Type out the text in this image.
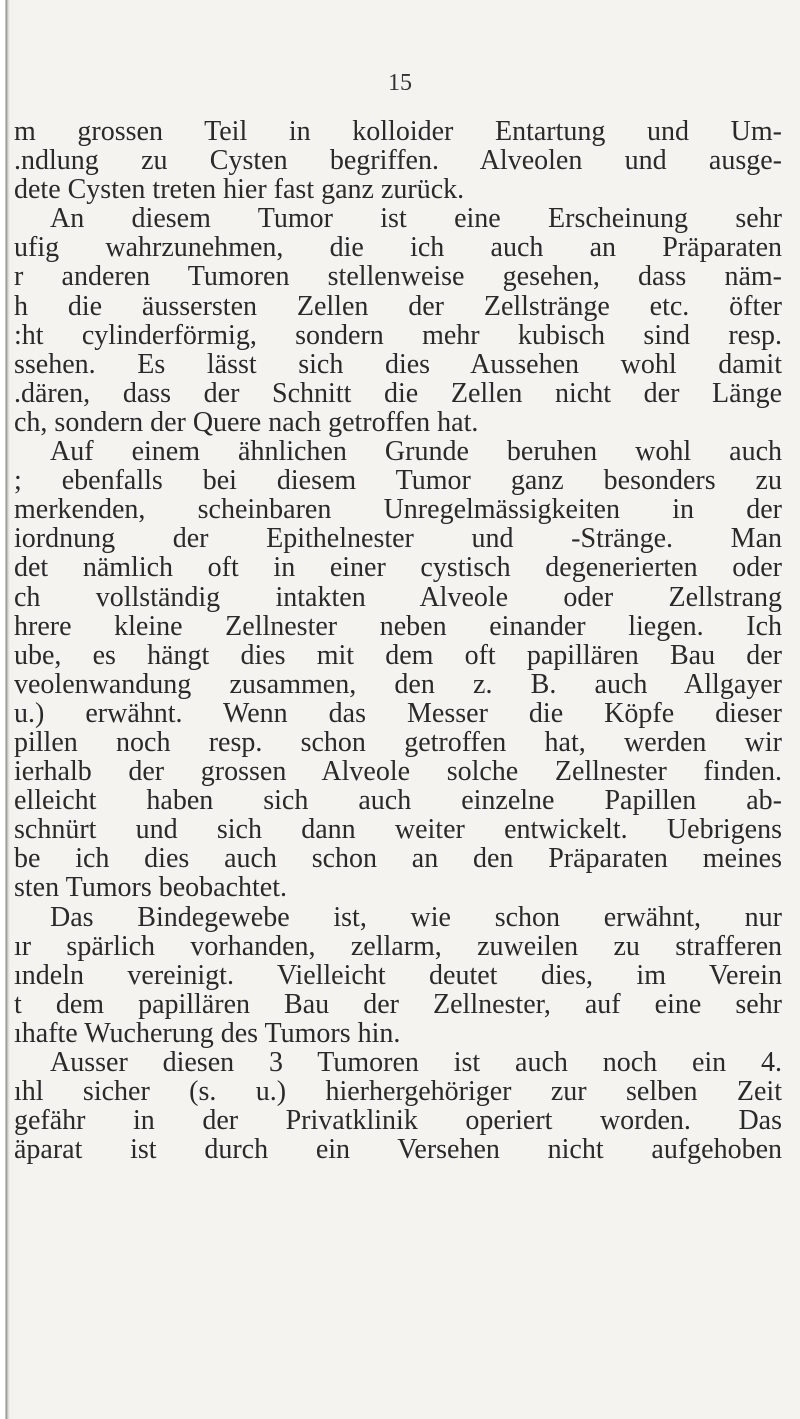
15
m grossen Teil in kolloider Entartung und Um-
.ndlung zu Cysten begriffen. Alveolen und ausge-
dete Cysten treten hier fast ganz zurück.
An diesem Tumor ist eine Erscheinung sehr
ufig wahrzunehmen, die ich auch an Präparaten
r anderen Tumoren stellenweise gesehen, dass näm-
h die äussersten Zellen der Zellstränge etc. öfter
:ht cylinderförmig, sondern mehr kubisch sind resp.
ssehen. Es lässt sich dies Aussehen wohl damit
.dären, dass der Schnitt die Zellen nicht der Länge
ch, sondern der Quere nach getroffen hat.
Auf einem ähnlichen Grunde beruhen wohl auch
; ebenfalls bei diesem Tumor ganz besonders zu
merkenden, scheinbaren Unregelmässigkeiten in der
iordnung der Epithelnester und -Stränge. Man
det nämlich oft in einer cystisch degenerierten oder
ch vollständig intakten Alveole oder Zellstrang
hrere kleine Zellnester neben einander liegen. Ich
ube, es hängt dies mit dem oft papillären Bau der
veolenwandung zusammen, den z. B. auch Allgayer
u.) erwähnt. Wenn das Messer die Köpfe dieser
pillen noch resp. schon getroffen hat, werden wir
ierhalb der grossen Alveole solche Zellnester finden.
elleicht haben sich auch einzelne Papillen ab-
schnürt und sich dann weiter entwickelt. Uebrigens
be ich dies auch schon an den Präparaten meines
sten Tumors beobachtet.
Das Bindegewebe ist, wie schon erwähnt, nur
ır spärlich vorhanden, zellarm, zuweilen zu strafferen
ındeln vereinigt. Vielleicht deutet dies, im Verein
t dem papillären Bau der Zellnester, auf eine sehr
ıhafte Wucherung des Tumors hin.
Ausser diesen 3 Tumoren ist auch noch ein 4.
ıhl sicher (s. u.) hierhergehöriger zur selben Zeit
gefähr in der Privatklinik operiert worden. Das
äparat ist durch ein Versehen nicht aufgehoben
